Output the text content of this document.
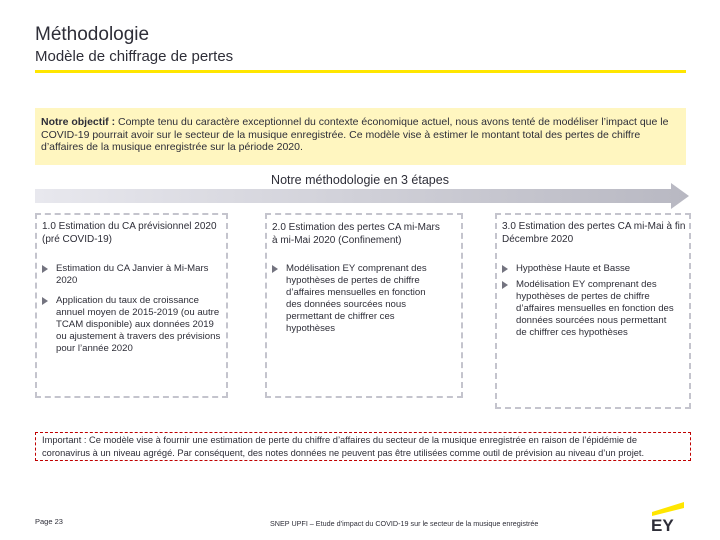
Méthodologie
Modèle de chiffrage de pertes
Notre objectif : Compte tenu du caractère exceptionnel du contexte économique actuel, nous avons tenté de modéliser l’impact que le COVID-19 pourrait avoir sur le secteur de la musique enregistrée. Ce modèle vise à estimer le montant total des pertes de chiffre d’affaires de la musique enregistrée sur la période 2020.
Notre méthodologie en 3 étapes
1.0 Estimation du CA prévisionnel 2020 (pré COVID-19)
Estimation du CA Janvier à Mi-Mars 2020
Application du taux de croissance annuel moyen de 2015-2019 (ou autre TCAM disponible) aux données 2019 ou ajustement à travers des prévisions pour l’année 2020
2.0 Estimation des pertes CA mi-Mars à mi-Mai 2020 (Confinement)
Modélisation EY comprenant des hypothèses de pertes de chiffre d’affaires mensuelles en fonction des données sourcées nous permettant de chiffrer ces hypothèses
3.0 Estimation des pertes CA mi-Mai à fin Décembre 2020
Hypothèse Haute et Basse
Modélisation EY comprenant des hypothèses de pertes de chiffre d’affaires mensuelles en fonction des données sourcées nous permettant de chiffrer ces hypothèses
Important : Ce modèle vise à fournir une estimation de perte du chiffre d’affaires du secteur de la musique enregistrée en raison de l’épidémie de coronavirus à un niveau agrégé. Par conséquent, des notes données ne peuvent pas être utilisées comme outil de prévision au niveau d’un projet.
Page 23	SNEP UPFI – Etude d’impact du COVID-19 sur le secteur de la musique enregistrée	EY
